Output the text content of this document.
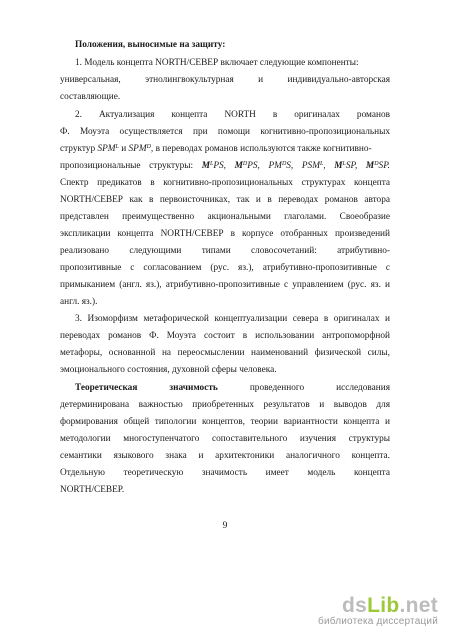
Положения, выносимые на защиту:
1. Модель концепта NORTH/СЕВЕР включает следующие компоненты:
универсальная,	этнолингвокультурная	и	индивидуально-авторская
составляющие.
2. Актуализация концепта NORTH в оригиналах романов
Ф. Моуэта осуществляется при помощи когнитивно-пропозициональных
структур $SPM^L$ и $SPM^D$, в переводах романов используются также когнитивно-
пропозициональные структуры: $M^LPS$, $M^DPS$, $PM^DS$, $PSM^L$, $M^LSP$, $M^DSP$.
Спектр предикатов в когнитивно-пропозициональных структурах концепта
NORTH/СЕВЕР как в первоисточниках, так и в переводах романов автора
представлен преимущественно акциональными глаголами. Своеобразие
экспликации концепта NORTH/СЕВЕР в корпусе отобранных произведений
реализовано следующими типами словосочетаний: атрибутивно-
пропозитивные с согласованием (рус. яз.), атрибутивно-пропозитивные с
примыканием (англ. яз.), атрибутивно-пропозитивные с управлением (рус. яз. и
англ. яз.).
3. Изоморфизм метафорической концептуализации севера в оригиналах и
переводах романов Ф. Моуэта состоит в использовании антропоморфной
метафоры, основанной на переосмыслении наименований физической силы,
эмоционального состояния, духовной сферы человека.
Теоретическая	значимость	проведенного	исследования
детерминирована важностью приобретенных результатов и выводов для
формирования общей типологии концептов, теории вариантности концепта и
методологии многоступенчатого сопоставительного изучения структуры
семантики языкового знака и архитектоники аналогичного концепта.
Отдельную теоретическую значимость имеет модель концепта
NORTH/СЕВЕР.
9
dsLib.net
библиотека диссертаций
